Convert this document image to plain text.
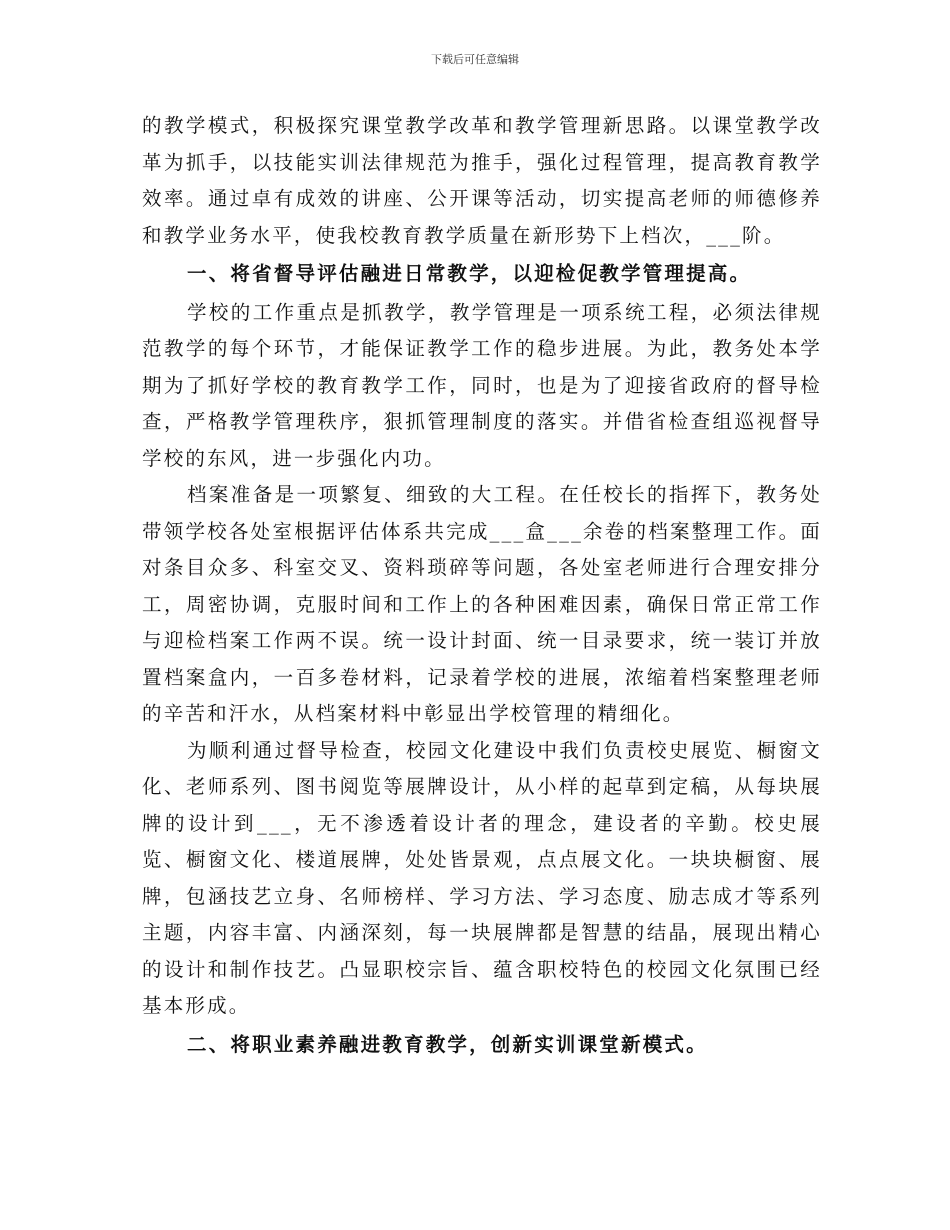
下载后可任意编辑

的教学模式，积极探究课堂教学改革和教学管理新思路。以课堂教学改革为抓手，以技能实训法律规范为推手，强化过程管理，提高教育教学效率。通过卓有成效的讲座、公开课等活动，切实提高老师的师德修养和教学业务水平，使我校教育教学质量在新形势下上档次，___阶。

一、将省督导评估融进日常教学，以迎检促教学管理提高。

学校的工作重点是抓教学，教学管理是一项系统工程，必须法律规范教学的每个环节，才能保证教学工作的稳步进展。为此，教务处本学期为了抓好学校的教育教学工作，同时，也是为了迎接省政府的督导检查，严格教学管理秩序，狠抓管理制度的落实。并借省检查组巡视督导学校的东风，进一步强化内功。

档案准备是一项繁复、细致的大工程。在任校长的指挥下，教务处带领学校各处室根据评估体系共完成___盒___余卷的档案整理工作。面对条目众多、科室交叉、资料琐碎等问题，各处室老师进行合理安排分工，周密协调，克服时间和工作上的各种困难因素，确保日常正常工作与迎检档案工作两不误。统一设计封面、统一目录要求，统一装订并放置档案盒内，一百多卷材料，记录着学校的进展，浓缩着档案整理老师的辛苦和汗水，从档案材料中彰显出学校管理的精细化。

为顺利通过督导检查，校园文化建设中我们负责校史展览、橱窗文化、老师系列、图书阅览等展牌设计，从小样的起草到定稿，从每块展牌的设计到___，无不渗透着设计者的理念，建设者的辛勤。校史展览、橱窗文化、楼道展牌，处处皆景观，点点展文化。一块块橱窗、展牌，包涵技艺立身、名师榜样、学习方法、学习态度、励志成才等系列主题，内容丰富、内涵深刻，每一块展牌都是智慧的结晶，展现出精心的设计和制作技艺。凸显职校宗旨、蕴含职校特色的校园文化氛围已经基本形成。

二、将职业素养融进教育教学，创新实训课堂新模式。
